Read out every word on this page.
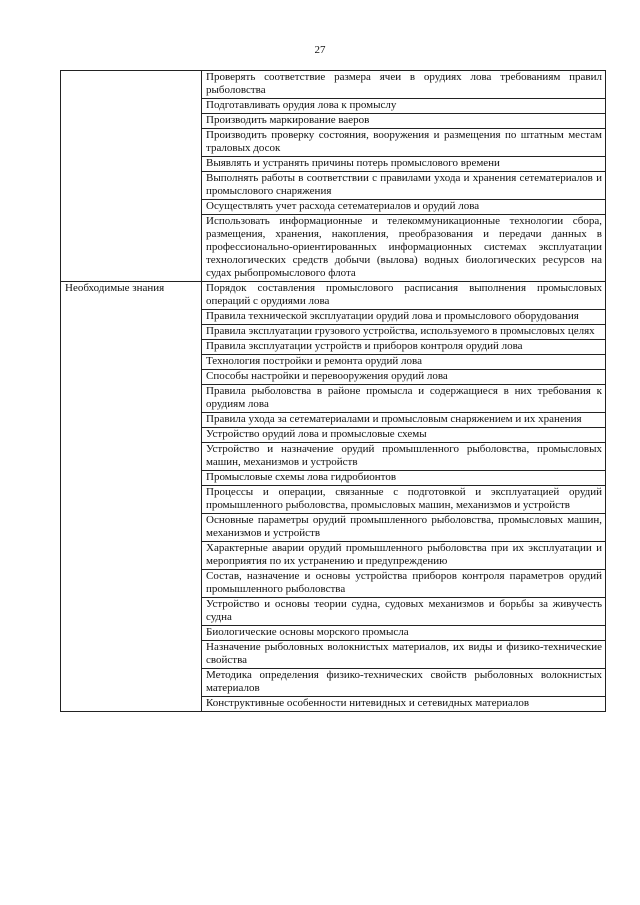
27
	Проверять соответствие размера ячеи в орудиях лова требованиям правил рыболовства
	Подготавливать орудия лова к промыслу
	Производить маркирование ваеров
	Производить проверку состояния, вооружения и размещения по штатным местам траловых досок
	Выявлять и устранять причины потерь промыслового времени
	Выполнять работы в соответствии с правилами ухода и хранения сетематериалов и промыслового снаряжения
	Осуществлять учет расхода сетематериалов и орудий лова
	Использовать информационные и телекоммуникационные технологии сбора, размещения, хранения, накопления, преобразования и передачи данных в профессионально-ориентированных информационных системах эксплуатации технологических средств добычи (вылова) водных биологических ресурсов на судах рыбопромыслового флота
Необходимые знания	Порядок составления промыслового расписания выполнения промысловых операций с орудиями лова
	Правила технической эксплуатации орудий лова и промыслового оборудования
	Правила эксплуатации грузового устройства, используемого в промысловых целях
	Правила эксплуатации устройств и приборов контроля орудий лова
	Технология постройки и ремонта орудий лова
	Способы настройки и перевооружения орудий лова
	Правила рыболовства в районе промысла и содержащиеся в них требования к орудиям лова
	Правила ухода за сетематериалами и промысловым снаряжением и их хранения
	Устройство орудий лова и промысловые схемы
	Устройство и назначение орудий промышленного рыболовства, промысловых машин, механизмов и устройств
	Промысловые схемы лова гидробионтов
	Процессы и операции, связанные с подготовкой и эксплуатацией орудий промышленного рыболовства, промысловых машин, механизмов и устройств
	Основные параметры орудий промышленного рыболовства, промысловых машин, механизмов и устройств
	Характерные аварии орудий промышленного рыболовства при их эксплуатации и мероприятия по их устранению и предупреждению
	Состав, назначение и основы устройства приборов контроля параметров орудий промышленного рыболовства
	Устройство и основы теории судна, судовых механизмов и борьбы за живучесть судна
	Биологические основы морского промысла
	Назначение рыболовных волокнистых материалов, их виды и физико-технические свойства
	Методика определения физико-технических свойств рыболовных волокнистых материалов
	Конструктивные особенности нитевидных и сетевидных материалов
